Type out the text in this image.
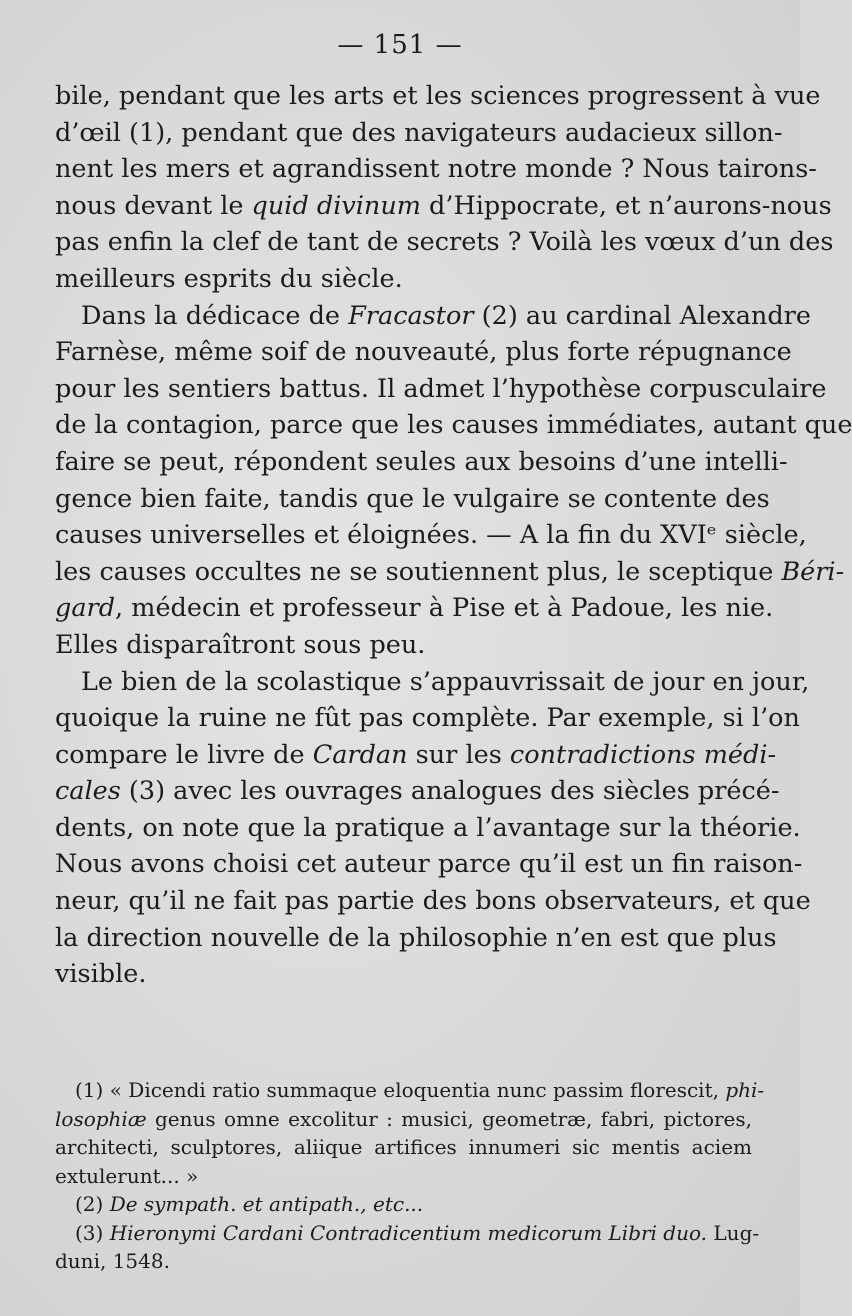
— 151 —
bile, pendant que les arts et les sciences progressent à vue
d’œil (1), pendant que des navigateurs audacieux sillon-
nent les mers et agrandissent notre monde ? Nous tairons-
nous devant le quid divinum d’Hippocrate, et n’aurons-nous
pas enfin la clef de tant de secrets ? Voilà les vœux d’un des
meilleurs esprits du siècle.
Dans la dédicace de Fracastor (2) au cardinal Alexandre
Farnèse, même soif de nouveauté, plus forte répugnance
pour les sentiers battus. Il admet l’hypothèse corpusculaire
de la contagion, parce que les causes immédiates, autant que
faire se peut, répondent seules aux besoins d’une intelli-
gence bien faite, tandis que le vulgaire se contente des
causes universelles et éloignées. — A la fin du XVIᵉ siècle,
les causes occultes ne se soutiennent plus, le sceptique Béri-
gard, médecin et professeur à Pise et à Padoue, les nie.
Elles disparaîtront sous peu.
Le bien de la scolastique s’appauvrissait de jour en jour,
quoique la ruine ne fût pas complète. Par exemple, si l’on
compare le livre de Cardan sur les contradictions médi-
cales (3) avec les ouvrages analogues des siècles précé-
dents, on note que la pratique a l’avantage sur la théorie.
Nous avons choisi cet auteur parce qu’il est un fin raison-
neur, qu’il ne fait pas partie des bons observateurs, et que
la direction nouvelle de la philosophie n’en est que plus
visible.
(1) « Dicendi ratio summaque eloquentia nunc passim florescit, phi-
losophiæ genus omne excolitur : musici, geometræ, fabri, pictores,
architecti, sculptores, aliique artifices innumeri sic mentis aciem
extulerunt... »
(2) De sympath. et antipath., etc...
(3) Hieronymi Cardani Contradicentium medicorum Libri duo. Lug-
duni, 1548.
